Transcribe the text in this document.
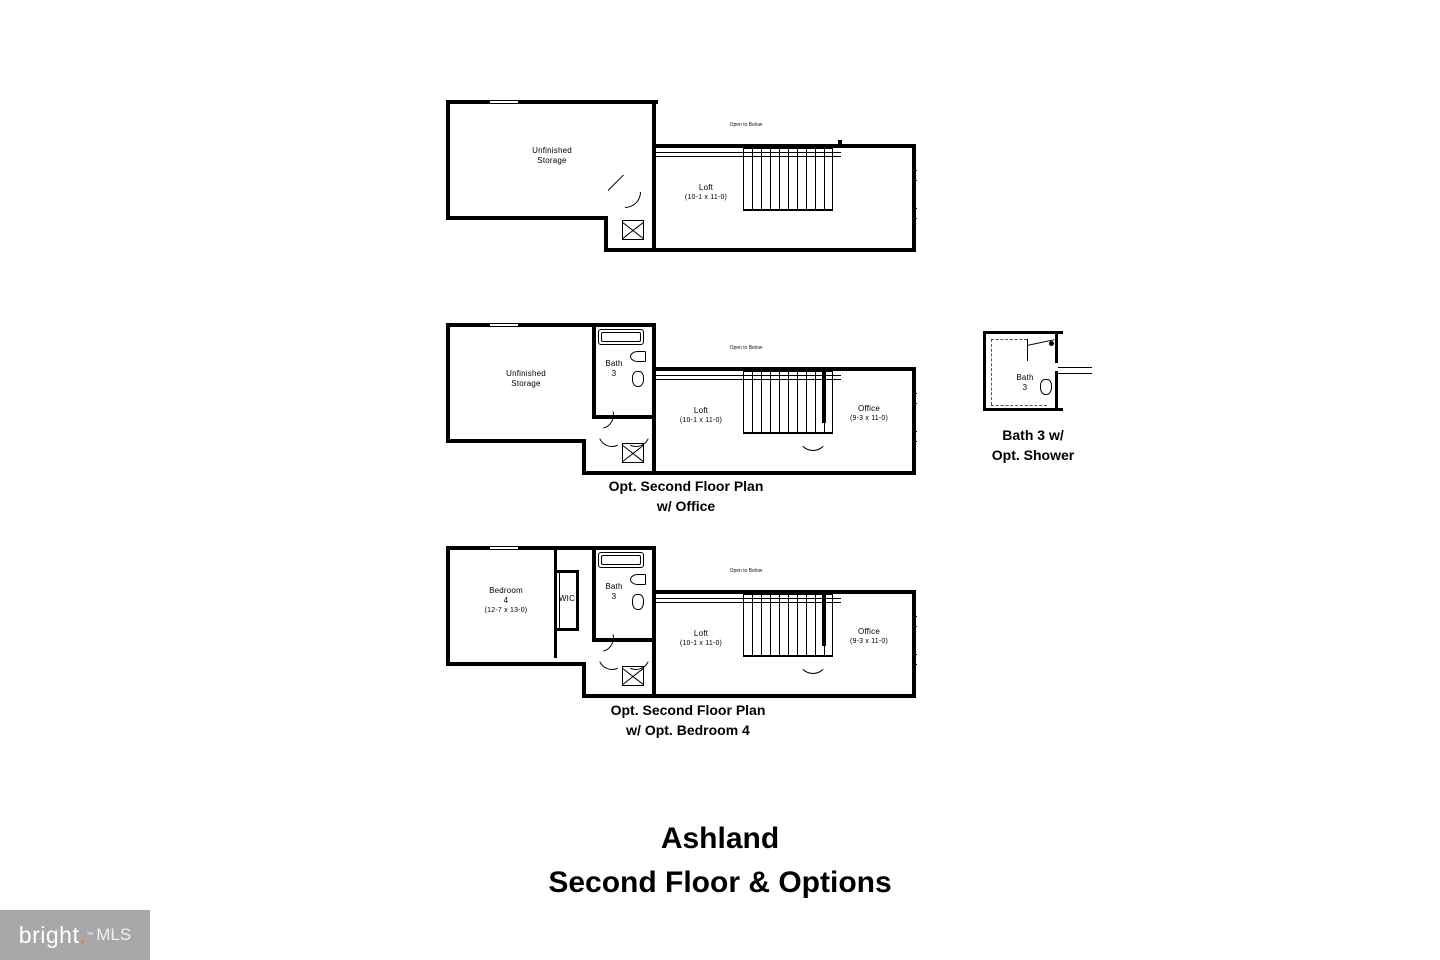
Open to Below
Unfinished
Storage
Loft
(10-1 x 11-0)
Bath
3
Open to Below
Unfinished
Storage
Loft
(10-1 x 11-0)
Office
(9-3 x 11-0)
Opt. Second Floor Plan
w/ Office
WIC
Bath
3
Open to Below
Bedroom
4
(12-7 x 13-0)
Loft
(10-1 x 11-0)
Office
(9-3 x 11-0)
Opt. Second Floor Plan
w/ Opt. Bedroom 4
Bath
3
Bath 3 w/
Opt. Shower
Ashland
Second Floor & Options
bright. ™ MLS
